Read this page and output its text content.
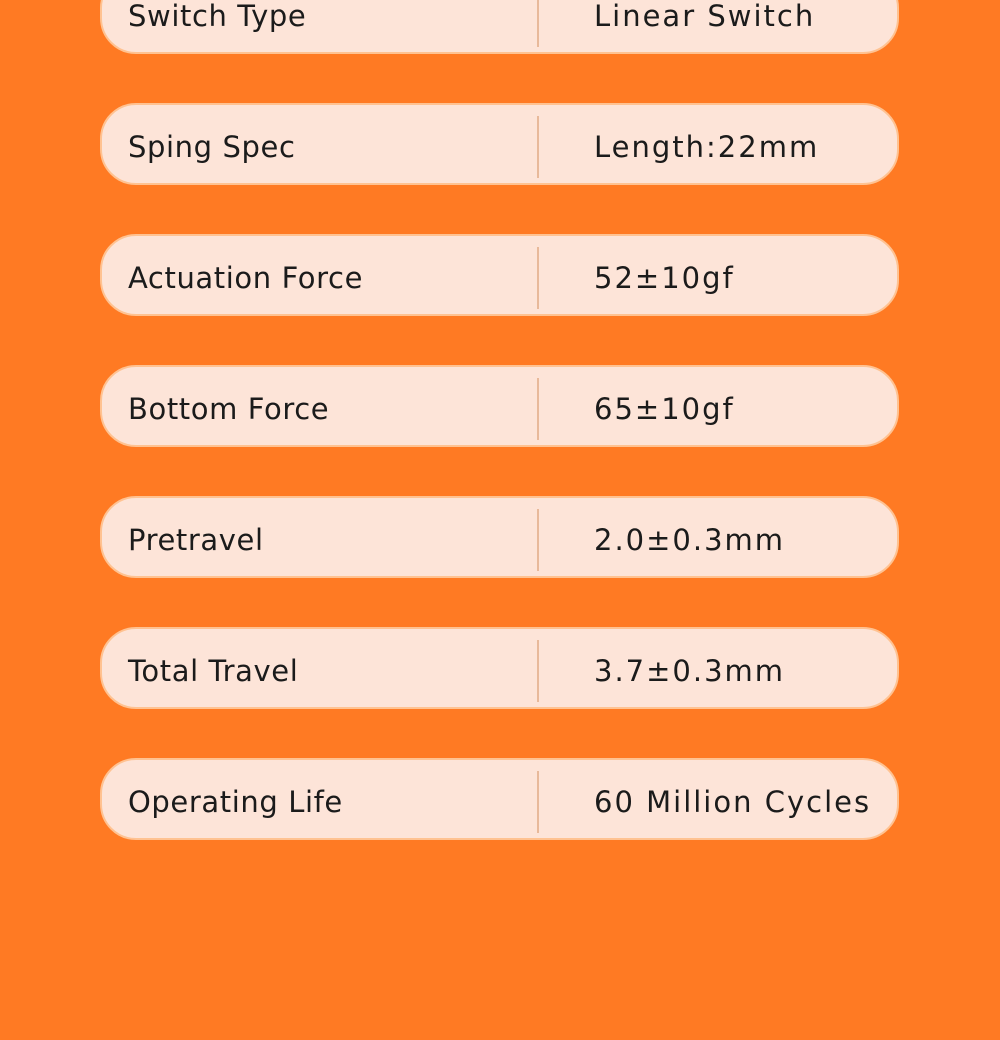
Switch Type	Linear Switch
Sping Spec	Length:22mm
Actuation Force	52±10gf
Bottom Force	65±10gf
Pretravel	2.0±0.3mm
Total Travel	3.7±0.3mm
Operating Life	60 Million Cycles
